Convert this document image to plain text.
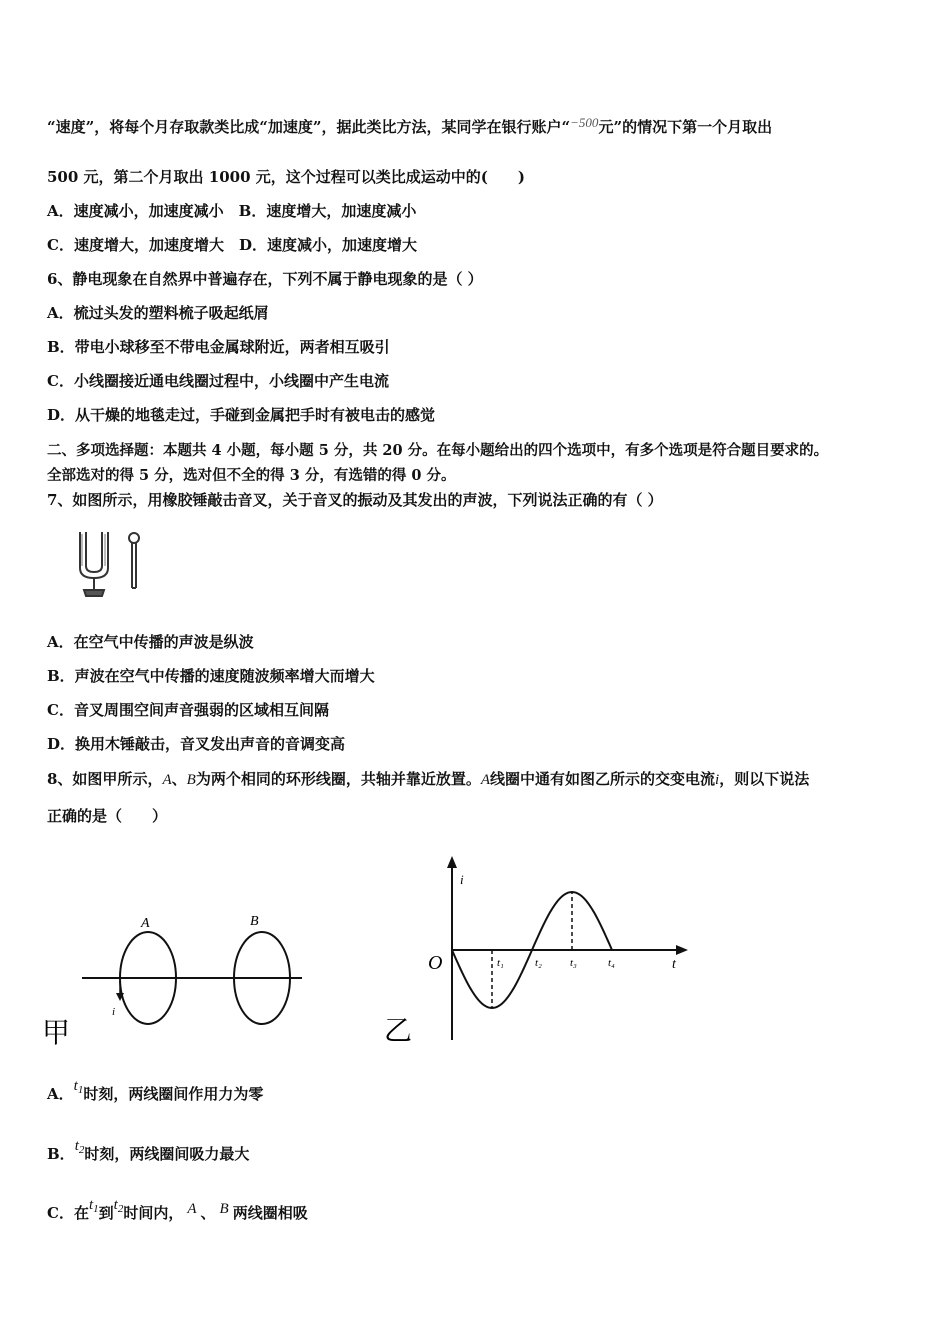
“速度”，将每个月存取款类比成“加速度”，据此类比方法，某同学在银行账户“−500元”的情况下第一个月取出
500 元，第二个月取出 1000 元，这个过程可以类比成运动中的(　　)
A．速度减小，加速度减小　B．速度增大，加速度减小
C．速度增大，加速度增大　D．速度减小，加速度增大
6、静电现象在自然界中普遍存在，下列不属于静电现象的是（ ）
A．梳过头发的塑料梳子吸起纸屑
B．带电小球移至不带电金属球附近，两者相互吸引
C．小线圈接近通电线圈过程中，小线圈中产生电流
D．从干燥的地毯走过，手碰到金属把手时有被电击的感觉
二、多项选择题：本题共 4 小题，每小题 5 分，共 20 分。在每小题给出的四个选项中，有多个选项是符合题目要求的。
全部选对的得 5 分，选对但不全的得 3 分，有选错的得 0 分。
7、如图所示，用橡胶锤敲击音叉，关于音叉的振动及其发出的声波，下列说法正确的有（ ）
A．在空气中传播的声波是纵波
B．声波在空气中传播的速度随波频率增大而增大
C．音叉周围空间声音强弱的区域相互间隔
D．换用木锤敲击，音叉发出声音的音调变高
8、如图甲所示，A、B为两个相同的环形线圈，共轴并靠近放置。A线圈中通有如图乙所示的交变电流i，则以下说法
正确的是（　　）
A	B
i
甲
i
t
O	t₁	t₂	t₃	t₄
乙
A．$t^1$时刻，两线圈间作用力为零
B．$t^2$时刻，两线圈间吸力最大
C．在$t^1$到$t^2$时间内， A 、 B 两线圈相吸
